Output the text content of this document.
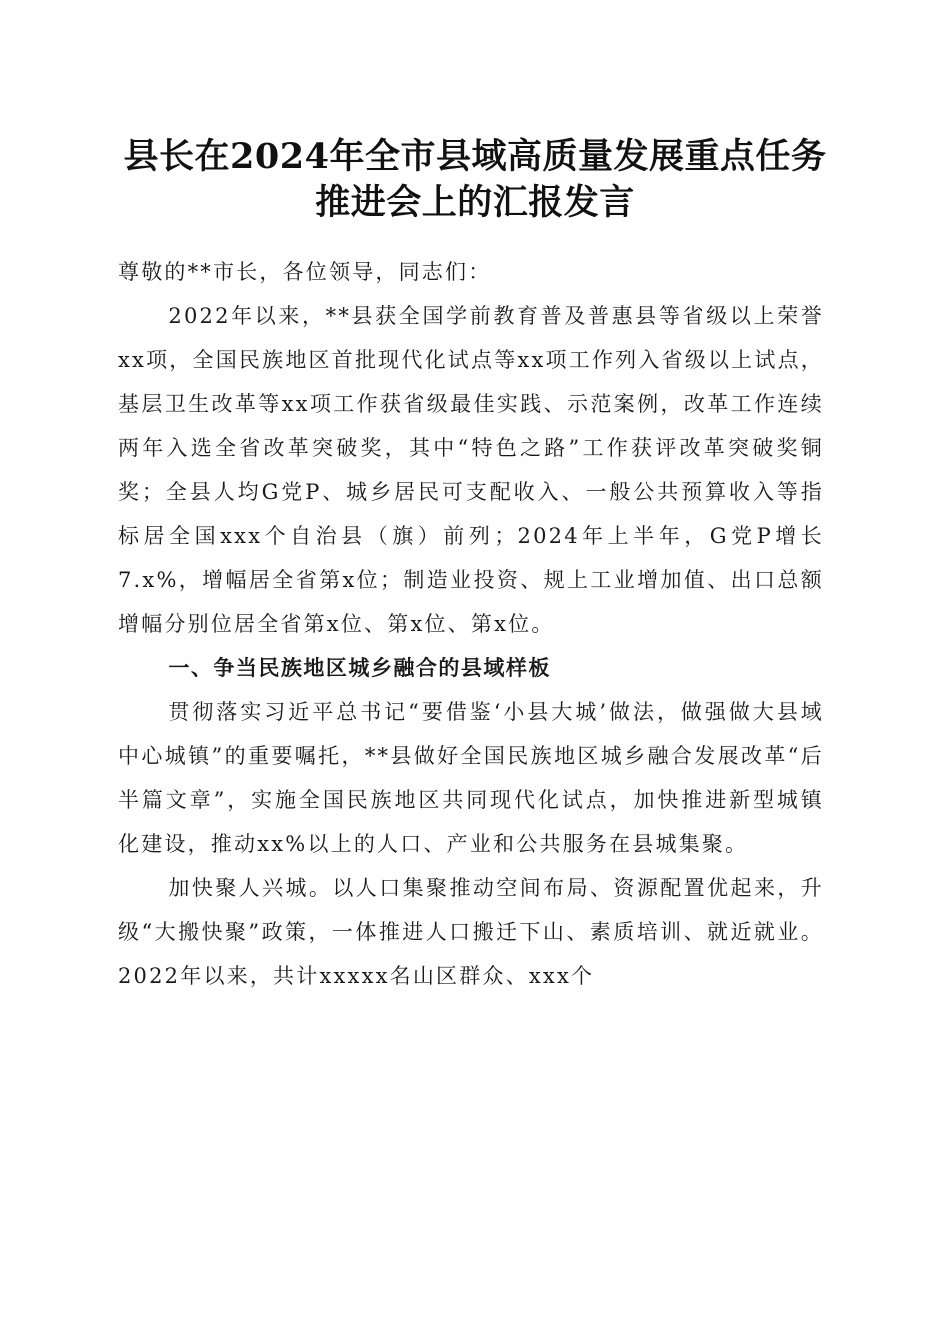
县长在2024年全市县域高质量发展重点任务
推进会上的汇报发言

尊敬的**市长，各位领导，同志们：

2022年以来，**县获全国学前教育普及普惠县等省级以上荣誉xx项，全国民族地区首批现代化试点等xx项工作列入省级以上试点，基层卫生改革等xx项工作获省级最佳实践、示范案例，改革工作连续两年入选全省改革突破奖，其中“特色之路”工作获评改革突破奖铜奖；全县人均G党P、城乡居民可支配收入、一般公共预算收入等指标居全国xxx个自治县（旗）前列；2024年上半年，G党P增长7.x%，增幅居全省第x位；制造业投资、规上工业增加值、出口总额增幅分别位居全省第x位、第x位、第x位。

一、争当民族地区城乡融合的县域样板

贯彻落实习近平总书记“要借鉴‘小县大城’做法，做强做大县域中心城镇”的重要嘱托，**县做好全国民族地区城乡融合发展改革“后半篇文章”，实施全国民族地区共同现代化试点，加快推进新型城镇化建设，推动xx%以上的人口、产业和公共服务在县城集聚。

加快聚人兴城。以人口集聚推动空间布局、资源配置优起来，升级“大搬快聚”政策，一体推进人口搬迁下山、素质培训、就近就业。2022年以来，共计xxxxx名山区群众、xxx个
